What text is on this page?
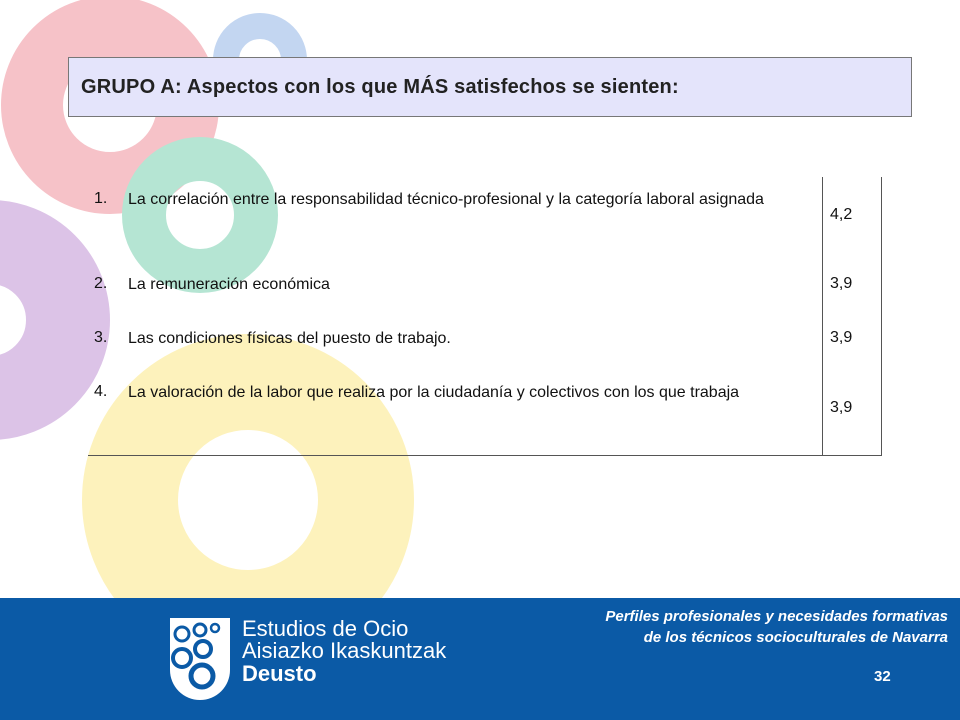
GRUPO A: Aspectos con los que MÁS satisfechos se sienten:
1. La correlación entre la responsabilidad técnico-profesional y la categoría laboral asignada
4,2
2. La remuneración económica	3,9
3. Las condiciones físicas del puesto de trabajo.	3,9
4. La valoración de la labor que realiza por la ciudadanía y colectivos con los que trabaja
3,9
Estudios de Ocio
Aisiazko Ikaskuntzak
Deusto
Perfiles profesionales y necesidades formativas
de los técnicos socioculturales de Navarra
32
